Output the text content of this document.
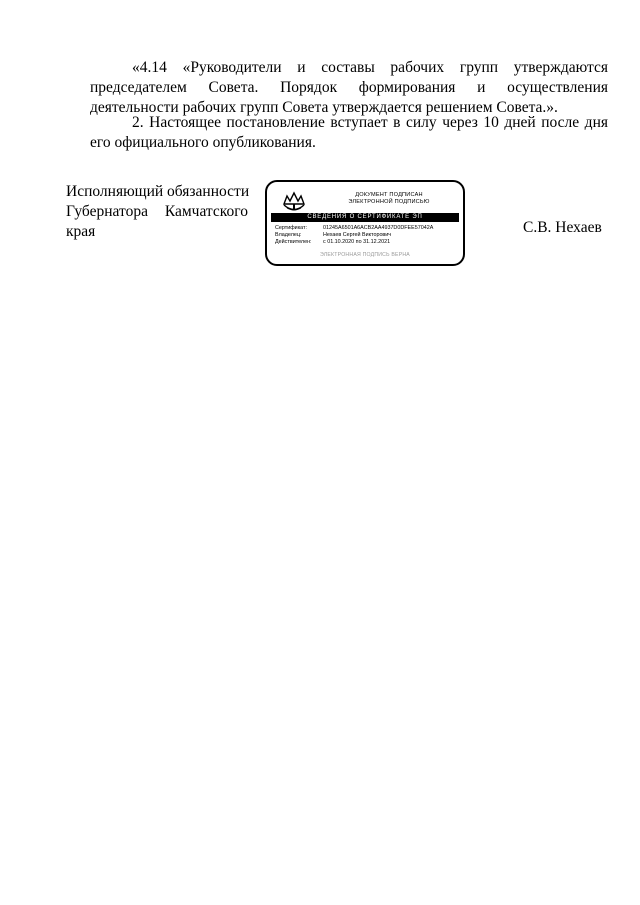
«4.14 «Руководители и составы рабочих групп утверждаются председателем Совета. Порядок формирования и осуществления деятельности рабочих групп Совета утверждается решением Совета.».

2. Настоящее постановление вступает в силу через 10 дней после дня его официального опубликования.

Исполняющий обязанности
Губернатора Камчатского
края
ДОКУМЕНТ ПОДПИСАН
ЭЛЕКТРОННОЙ ПОДПИСЬЮ
СВЕДЕНИЯ О СЕРТИФИКАТЕ ЭП
Сертификат:	01245A6501A6ACB2AA4937D0DFEE57042A
Владелец:	Нехаев Сергей Викторович
Действителен:	с 01.10.2020 по 31.12.2021
ЭЛЕКТРОННАЯ ПОДПИСЬ ВЕРНА
С.В. Нехаев
